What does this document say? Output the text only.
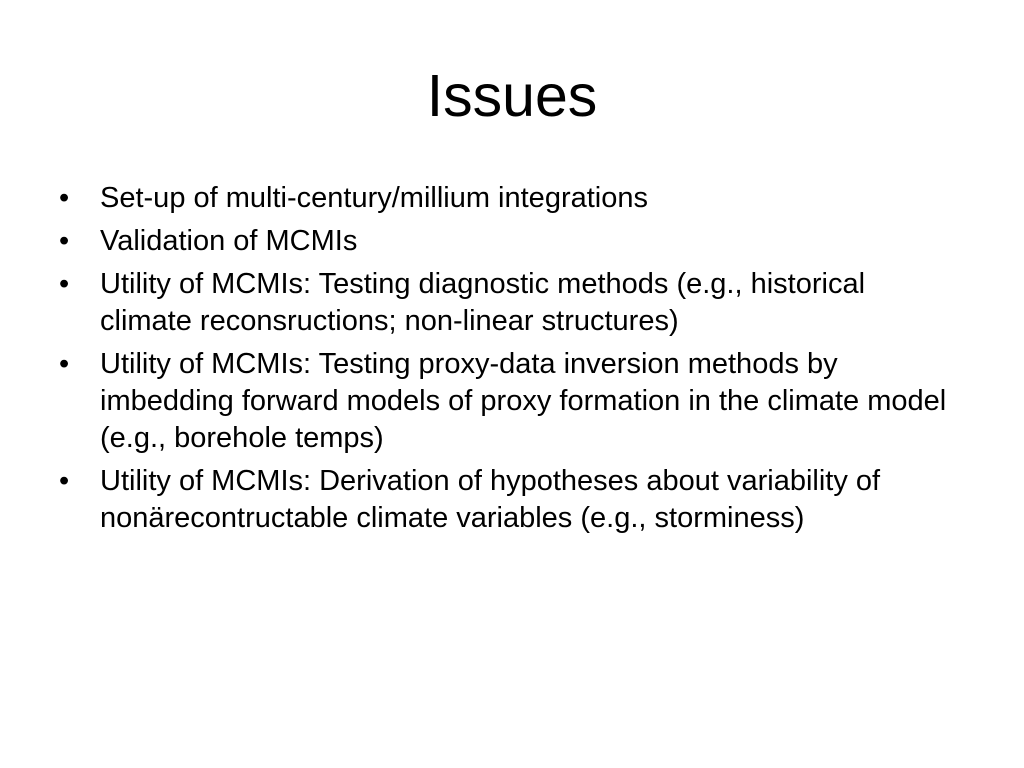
Issues
•	Set-up of multi-century/millium integrations
•	Validation of MCMIs
•	Utility of MCMIs: Testing diagnostic methods (e.g., historical climate reconsructions; non-linear structures)
•	Utility of MCMIs: Testing proxy-data inversion methods by imbedding forward models of proxy formation in the climate model (e.g., borehole temps)
•	Utility of MCMIs: Derivation of hypotheses about variability of nonärecontructable climate variables (e.g., storminess)
